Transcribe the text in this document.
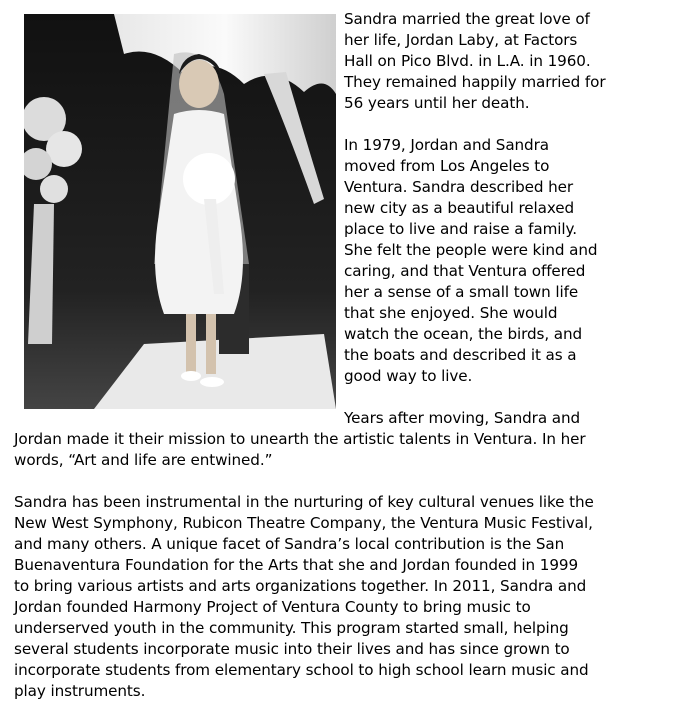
Sandra married the great love of
her life, Jordan Laby, at Factors
Hall on Pico Blvd. in L.A. in 1960.
They remained happily married for
56 years until her death.
In 1979, Jordan and Sandra
moved from Los Angeles to
Ventura. Sandra described her
new city as a beautiful relaxed
place to live and raise a family.
She felt the people were kind and
caring, and that Ventura offered
her a sense of a small town life
that she enjoyed. She would
watch the ocean, the birds, and
the boats and described it as a
good way to live.
Years after moving, Sandra and
Jordan made it their mission to unearth the artistic talents in Ventura. In her
words, “Art and life are entwined.”
Sandra has been instrumental in the nurturing of key cultural venues like the
New West Symphony, Rubicon Theatre Company, the Ventura Music Festival,
and many others. A unique facet of Sandra’s local contribution is the San
Buenaventura Foundation for the Arts that she and Jordan founded in 1999
to bring various artists and arts organizations together. In 2011, Sandra and
Jordan founded Harmony Project of Ventura County to bring music to
underserved youth in the community. This program started small, helping
several students incorporate music into their lives and has since grown to
incorporate students from elementary school to high school learn music and
play instruments.
